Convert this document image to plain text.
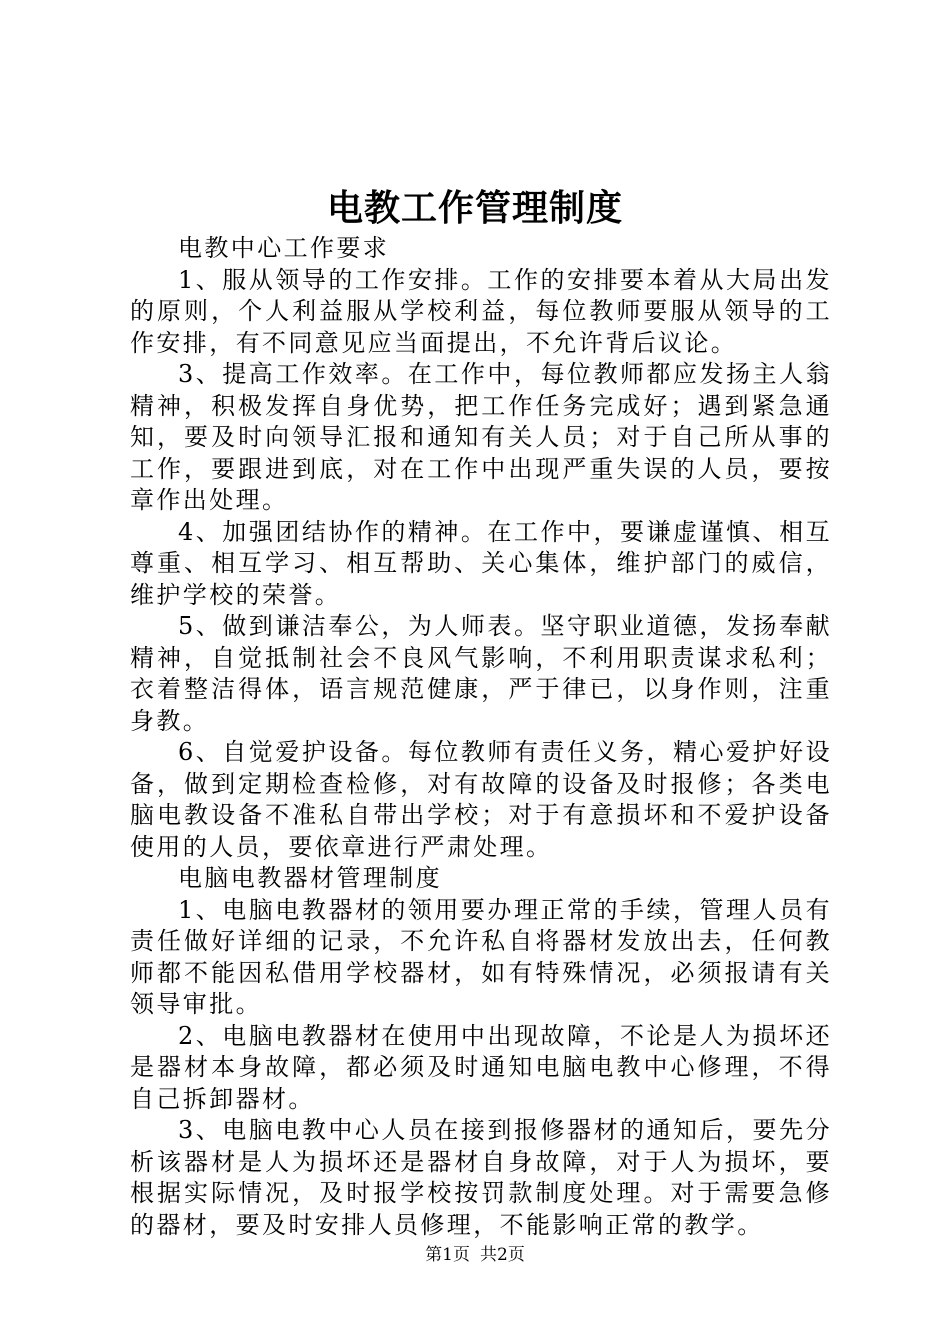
电教工作管理制度

电教中心工作要求

1、服从领导的工作安排。工作的安排要本着从大局出发的原则，个人利益服从学校利益，每位教师要服从领导的工作安排，有不同意见应当面提出，不允许背后议论。

3、提高工作效率。在工作中，每位教师都应发扬主人翁精神，积极发挥自身优势，把工作任务完成好；遇到紧急通知，要及时向领导汇报和通知有关人员；对于自己所从事的工作，要跟进到底，对在工作中出现严重失误的人员，要按章作出处理。

4、加强团结协作的精神。在工作中，要谦虚谨慎、相互尊重、相互学习、相互帮助、关心集体，维护部门的威信，维护学校的荣誉。

5、做到谦洁奉公，为人师表。坚守职业道德，发扬奉献精神，自觉抵制社会不良风气影响，不利用职责谋求私利；衣着整洁得体，语言规范健康，严于律已，以身作则，注重身教。

6、自觉爱护设备。每位教师有责任义务，精心爱护好设备，做到定期检查检修，对有故障的设备及时报修；各类电脑电教设备不准私自带出学校；对于有意损坏和不爱护设备使用的人员，要依章进行严肃处理。

电脑电教器材管理制度

1、电脑电教器材的领用要办理正常的手续，管理人员有责任做好详细的记录，不允许私自将器材发放出去，任何教师都不能因私借用学校器材，如有特殊情况，必须报请有关领导审批。

2、电脑电教器材在使用中出现故障，不论是人为损坏还是器材本身故障，都必须及时通知电脑电教中心修理，不得自己拆卸器材。

3、电脑电教中心人员在接到报修器材的通知后，要先分析该器材是人为损坏还是器材自身故障，对于人为损坏，要根据实际情况，及时报学校按罚款制度处理。对于需要急修的器材，要及时安排人员修理，不能影响正常的教学。

第1页 共2页
